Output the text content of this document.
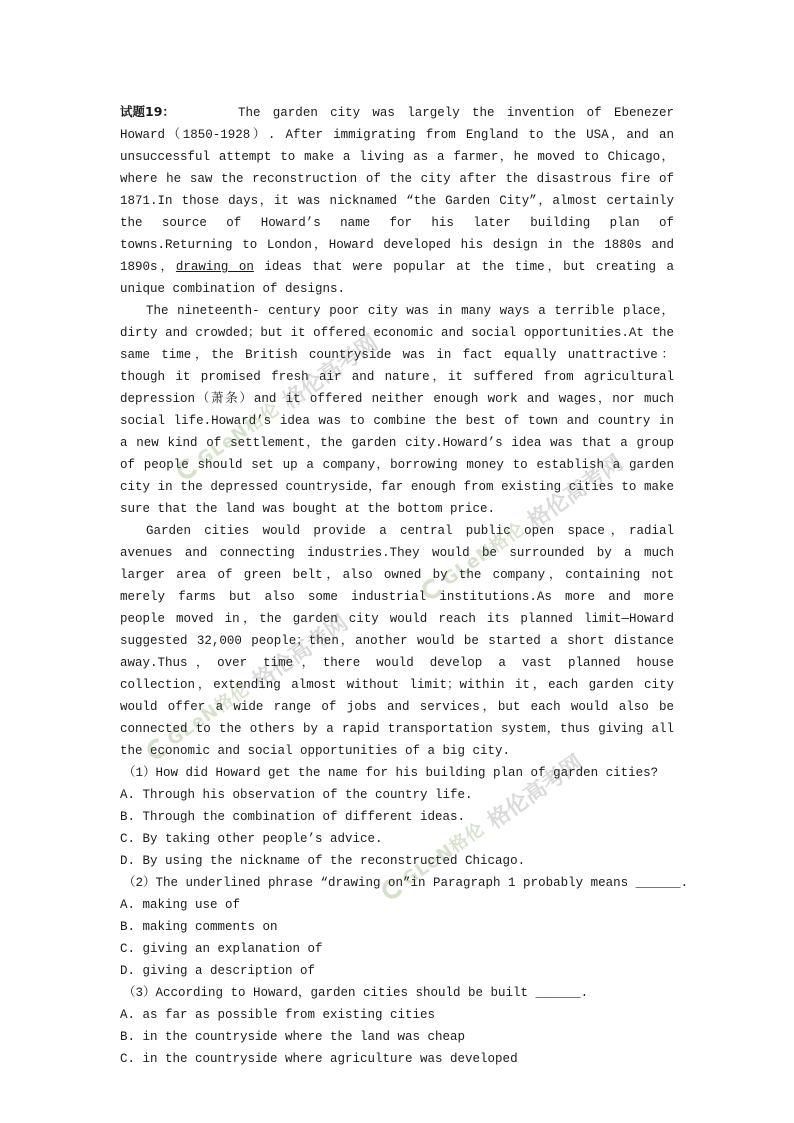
试题19：	The garden city was largely the invention of Ebenezer Howard（1850-1928）. After immigrating from England to the USA，and an unsuccessful attempt to make a living as a farmer，he moved to Chicago，where he saw the reconstruction of the city after the disastrous fire of 1871.In those days，it was nicknamed “the Garden City”，almost certainly the source of Howard’s name for his later building plan of towns.Returning to London，Howard developed his design in the 1880s and 1890s，drawing on ideas that were popular at the time，but creating a unique combination of designs.

The nineteenth- century poor city was in many ways a terrible place，dirty and crowded；but it offered economic and social opportunities.At the same time，the British countryside was in fact equally unattractive：though it promised fresh air and nature，it suffered from agricultural depression（萧条）and it offered neither enough work and wages，nor much social life.Howard’s idea was to combine the best of town and country in a new kind of settlement，the garden city.Howard’s idea was that a group of people should set up a company，borrowing money to establish a garden city in the depressed countryside，far enough from existing cities to make sure that the land was bought at the bottom price.

Garden cities would provide a central public open space，radial avenues and connecting industries.They would be surrounded by a much larger area of green belt，also owned by the company，containing not merely farms but also some industrial institutions.As more and more people moved in，the garden city would reach its planned limit—Howard suggested 32,000 people；then，another would be started a short distance away.Thus，over time，there would develop a vast planned house collection，extending almost without limit；within it，each garden city would offer a wide range of jobs and services，but each would also be connected to the others by a rapid transportation system，thus giving all the economic and social opportunities of a big city.

（1）How did Howard get the name for his building plan of garden cities?
A. Through his observation of the country life.
B. Through the combination of different ideas.
C. By taking other people’s advice.
D. By using the nickname of the reconstructed Chicago.
（2）The underlined phrase “drawing on”in Paragraph 1 probably means ______.
A. making use of
B. making comments on
C. giving an explanation of
D. giving a description of
（3）According to Howard，garden cities should be built ______.
A. as far as possible from existing cities
B. in the countryside where the land was cheap
C. in the countryside where agriculture was developed
GLeN格伦
格伦高考网
GLeN格伦
格伦高考网
GLeN格伦
格伦高考网
GLeN格伦
格伦高考网
